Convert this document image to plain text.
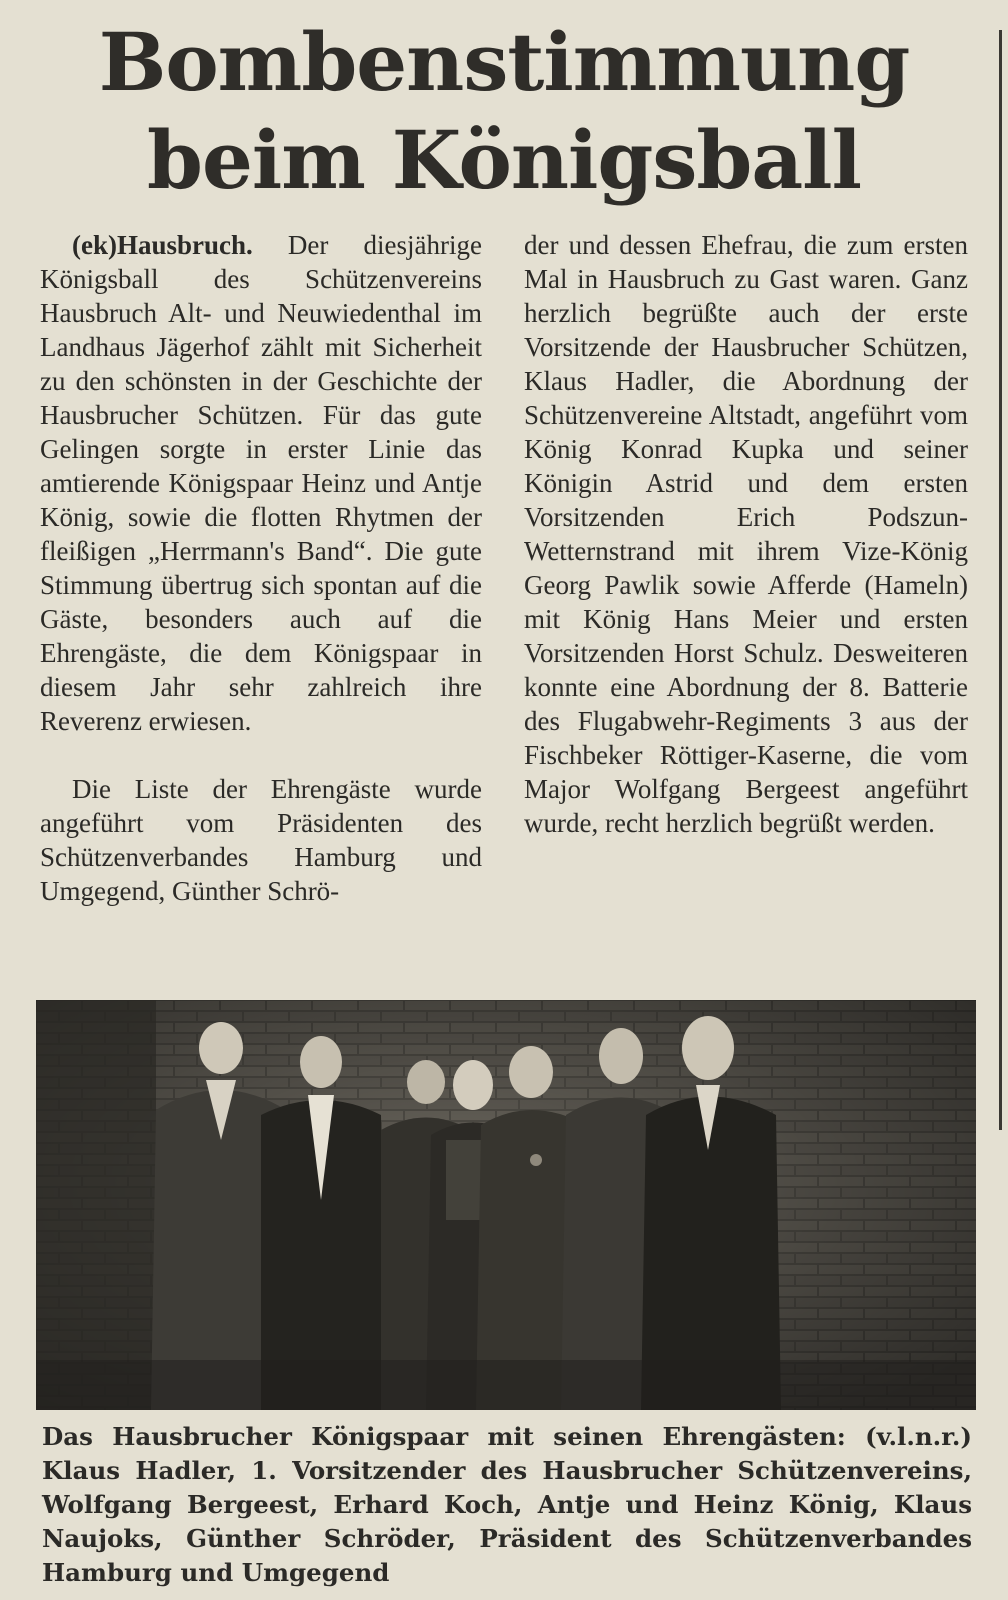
Bombenstimmung
beim Königsball

(ek)Hausbruch. Der diesjährige Königsball des Schützenvereins Hausbruch Alt- und Neuwiedenthal im Landhaus Jägerhof zählt mit Sicherheit zu den schönsten in der Geschichte der Hausbrucher Schützen. Für das gute Gelingen sorgte in erster Linie das amtierende Königspaar Heinz und Antje König, sowie die flotten Rhytmen der fleißigen „Herrmann's Band“. Die gute Stimmung übertrug sich spontan auf die Gäste, besonders auch auf die Ehrengäste, die dem Königspaar in diesem Jahr sehr zahlreich ihre Reverenz erwiesen.

Die Liste der Ehrengäste wurde angeführt vom Präsidenten des Schützenverbandes Hamburg und Umgegend, Günther Schrö-

der und dessen Ehefrau, die zum ersten Mal in Hausbruch zu Gast waren. Ganz herzlich begrüßte auch der erste Vorsitzende der Hausbrucher Schützen, Klaus Hadler, die Abordnung der Schützenvereine Altstadt, angeführt vom König Konrad Kupka und seiner Königin Astrid und dem ersten Vorsitzenden Erich Podszun-Wetternstrand mit ihrem Vize-König Georg Pawlik sowie Afferde (Hameln) mit König Hans Meier und ersten Vorsitzenden Horst Schulz. Desweiteren konnte eine Abordnung der 8. Batterie des Flugabwehr-Regiments 3 aus der Fischbeker Röttiger-Kaserne, die vom Major Wolfgang Bergeest angeführt wurde, recht herzlich begrüßt werden.

Das Hausbrucher Königspaar mit seinen Ehrengästen: (v.l.n.r.) Klaus Hadler, 1. Vorsitzender des Hausbrucher Schützenvereins, Wolfgang Bergeest, Erhard Koch, Antje und Heinz König, Klaus Naujoks, Günther Schröder, Präsident des Schützenverbandes Hamburg und Umgegend
